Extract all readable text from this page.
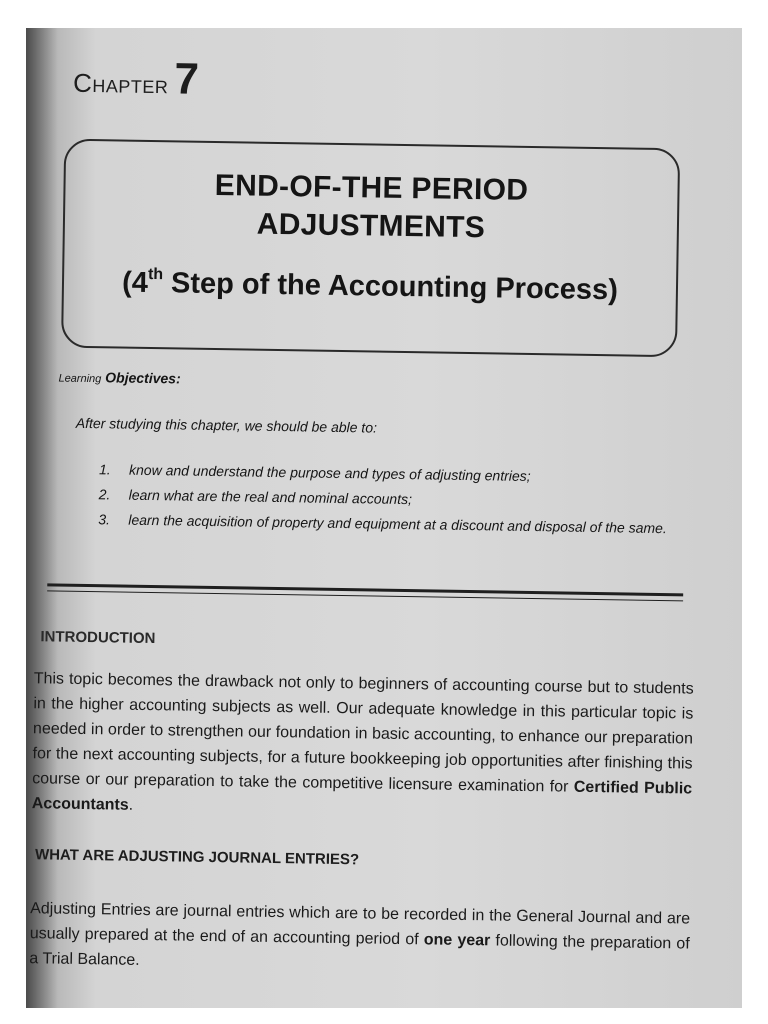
Chapter 7
END-OF-THE PERIOD
ADJUSTMENTS
(4th Step of the Accounting Process)
Learning Objectives:
After studying this chapter, we should be able to:
1.	know and understand the purpose and types of adjusting entries;
2.	learn what are the real and nominal accounts;
3.	learn the acquisition of property and equipment at a discount and disposal of the same.
INTRODUCTION
This topic becomes the drawback not only to beginners of accounting course but to students in the higher accounting subjects as well. Our adequate knowledge in this particular topic is needed in order to strengthen our foundation in basic accounting, to enhance our preparation for the next accounting subjects, for a future bookkeeping job opportunities after finishing this course or our preparation to take the competitive licensure examination for Certified Public Accountants.
WHAT ARE ADJUSTING JOURNAL ENTRIES?
Adjusting Entries are journal entries which are to be recorded in the General Journal and are usually prepared at the end of an accounting period of one year following the preparation of a Trial Balance.
